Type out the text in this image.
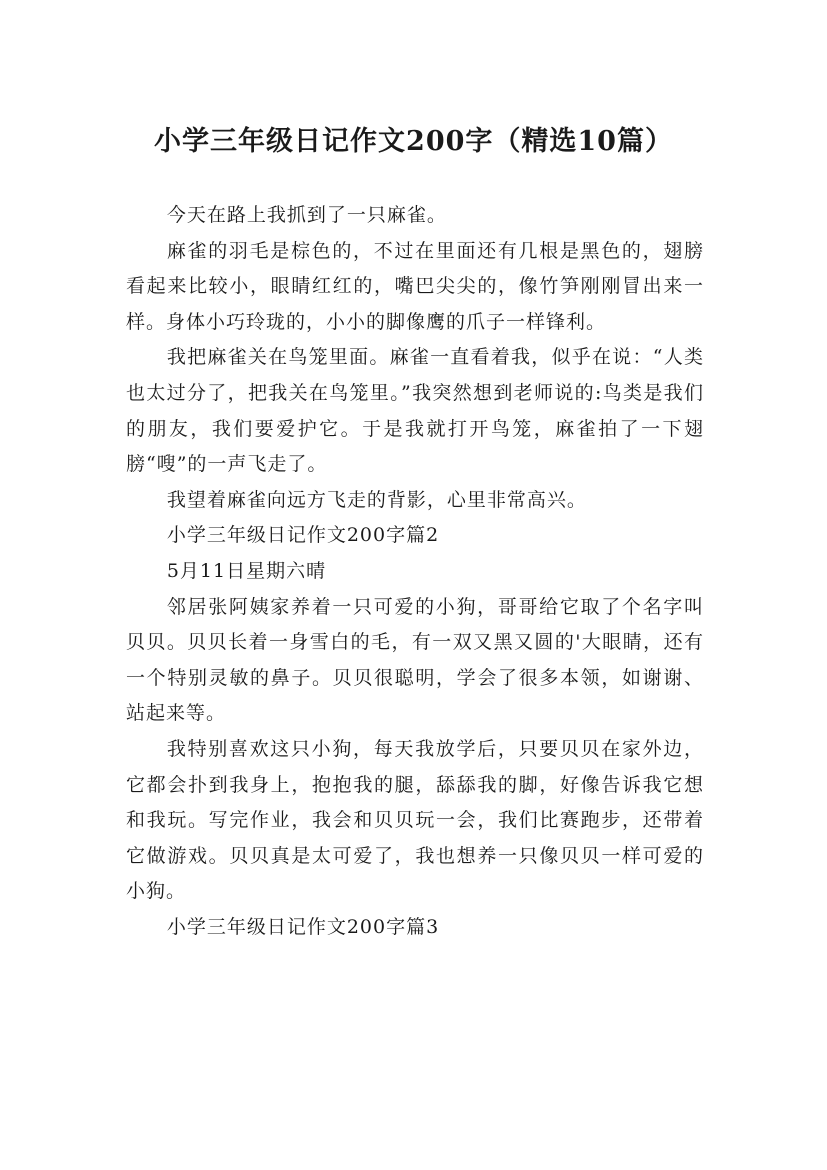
小学三年级日记作文200字（精选10篇）

今天在路上我抓到了一只麻雀。

麻雀的羽毛是棕色的，不过在里面还有几根是黑色的，翅膀看起来比较小，眼睛红红的，嘴巴尖尖的，像竹笋刚刚冒出来一样。身体小巧玲珑的，小小的脚像鹰的爪子一样锋利。

我把麻雀关在鸟笼里面。麻雀一直看着我，似乎在说：“人类也太过分了，把我关在鸟笼里。”我突然想到老师说的:鸟类是我们的朋友，我们要爱护它。于是我就打开鸟笼，麻雀拍了一下翅膀“嗖”的一声飞走了。

我望着麻雀向远方飞走的背影，心里非常高兴。

小学三年级日记作文200字篇2

5月11日星期六晴

邻居张阿姨家养着一只可爱的小狗，哥哥给它取了个名字叫贝贝。贝贝长着一身雪白的毛，有一双又黑又圆的'大眼睛，还有一个特别灵敏的鼻子。贝贝很聪明，学会了很多本领，如谢谢、站起来等。

我特别喜欢这只小狗，每天我放学后，只要贝贝在家外边，它都会扑到我身上，抱抱我的腿，舔舔我的脚，好像告诉我它想和我玩。写完作业，我会和贝贝玩一会，我们比赛跑步，还带着它做游戏。贝贝真是太可爱了，我也想养一只像贝贝一样可爱的小狗。

小学三年级日记作文200字篇3
